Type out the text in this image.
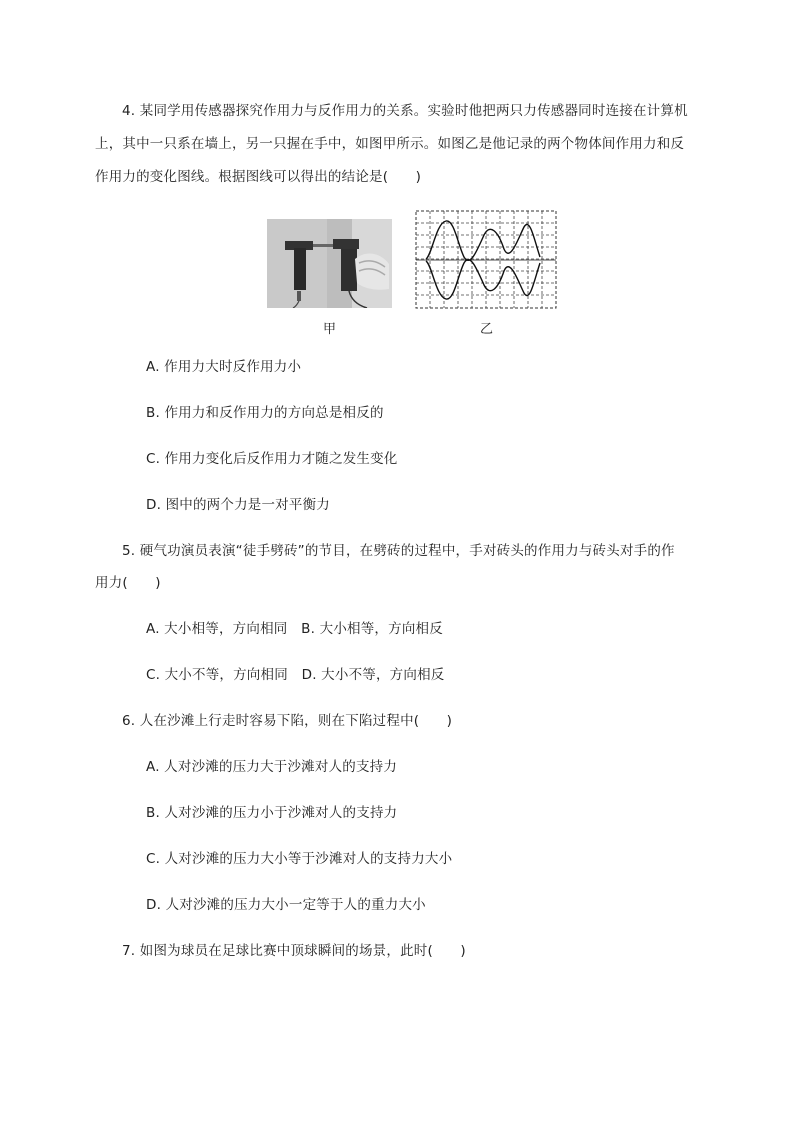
4. 某同学用传感器探究作用力与反作用力的关系。实验时他把两只力传感器同时连接在计算机
上，其中一只系在墙上，另一只握在手中，如图甲所示。如图乙是他记录的两个物体间作用力和反
作用力的变化图线。根据图线可以得出的结论是(　　)
甲	乙
A. 作用力大时反作用力小
B. 作用力和反作用力的方向总是相反的
C. 作用力变化后反作用力才随之发生变化
D. 图中的两个力是一对平衡力
5. 硬气功演员表演“徒手劈砖”的节目，在劈砖的过程中，手对砖头的作用力与砖头对手的作
用力(　　)
A. 大小相等，方向相同　B. 大小相等，方向相反
C. 大小不等，方向相同　D. 大小不等，方向相反
6. 人在沙滩上行走时容易下陷，则在下陷过程中(　　)
A. 人对沙滩的压力大于沙滩对人的支持力
B. 人对沙滩的压力小于沙滩对人的支持力
C. 人对沙滩的压力大小等于沙滩对人的支持力大小
D. 人对沙滩的压力大小一定等于人的重力大小
7. 如图为球员在足球比赛中顶球瞬间的场景，此时(　　)
